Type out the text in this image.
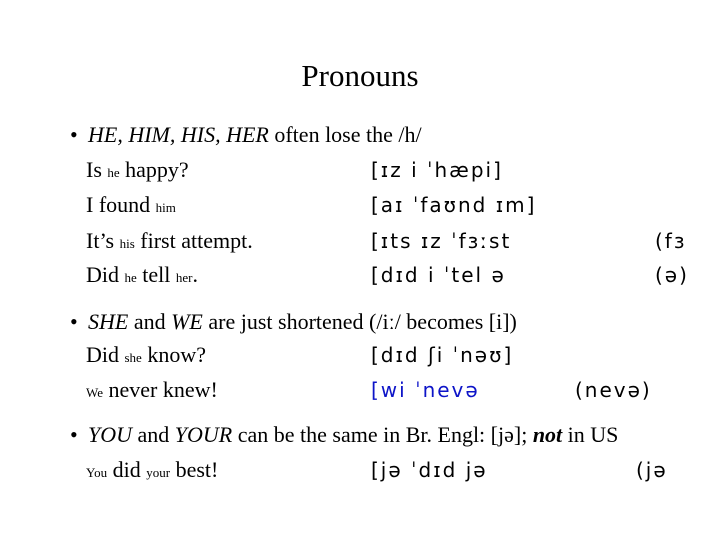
Pronouns
• HE, HIM, HIS, HER often lose the /h/
Is he happy?	[ɪz i ˈhæpi]
I found him	[aɪ ˈfaʊnd ɪm]
It’s his first attempt.	[ɪts ɪz ˈfɜːst	(fɜ
Did he tell her.	[dɪd i ˈtel ə	(ə)
• SHE and WE are just shortened (/iː/ becomes [i])
Did she know?	[dɪd ʃi ˈnəʊ]
We never knew!	[wi ˈnevə	(nevə)
• YOU and YOUR can be the same in Br. Engl: [jə]; not in US
You did your best!	[jə ˈdɪd jə	(jə
